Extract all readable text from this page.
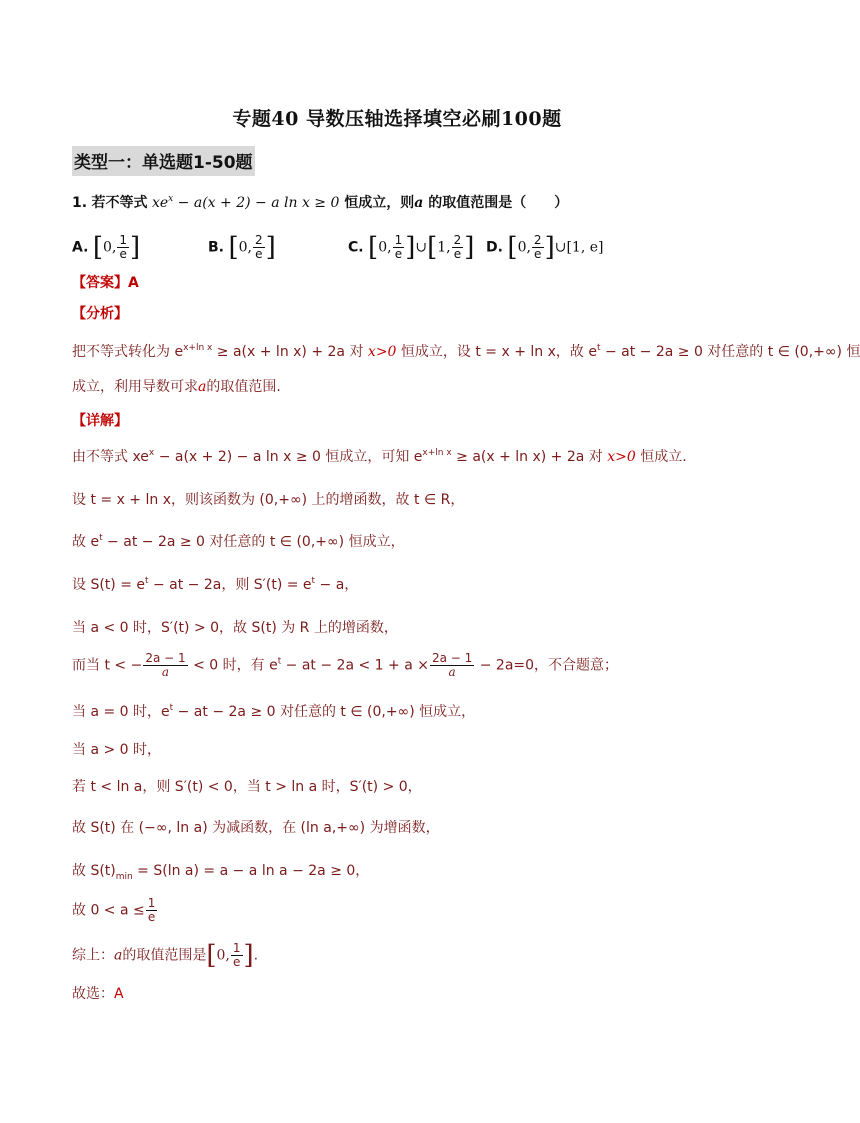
专题40 导数压轴选择填空必刷100题
类型一：单选题1-50题
1. 若不等式 $xe^x - a(x + 2) - a$ ln x ≥ 0 恒成立，则a 的取值范围是（　　）
A. [0, $\frac{1}{e}$ ]	B. [0, $\frac{2}{e}$ ]	C. [0, $\frac{1}{e}$ ]∪[1, $\frac{2}{e}$ ] D. [0, $\frac{2}{e}$ ]∪[1, e]
【答案】A
【分析】
把不等式转化为 $e^{x+ln x} \ge a(x + \ln x) + 2a$ 对 x>0 恒成立，设 t = x + ln x，故 $e^t$ − at − 2a ≥ 0 对任意的 t ∈ (0,+∞) 恒
成立，利用导数可求a的取值范围.
【详解】
由不等式 $xe^x - a(x + 2) - a$ ln x ≥ 0 恒成立，可知 $e^{x+ln x} \ge a(x + \ln x) + 2a$ 对 x>0 恒成立.
设 t = x + ln x，则该函数为 (0,+∞) 上的增函数，故 t ∈ R，
故 $e^t$ − at − 2a ≥ 0 对任意的 t ∈ (0,+∞) 恒成立，
设 $S(t) = e^t$ − at − 2a，则 $S'(t) = e^t - a$，
当 a < 0 时，S′(t) > 0，故 S(t) 为 R 上的增函数，
而当 t < − $\frac{2a - 1}{a} < 0$ 时，有 $e^t$ − at − $2a < 1 + a \times \frac{2a - 1}{a} - 2a=0$，不合题意；
当 a = 0 时，$e^t$ − at − 2a ≥ 0 对任意的 t ∈ (0,+∞) 恒成立，
当 a > 0 时，
若 t < ln a，则 S′(t) < 0，当 t > ln a 时，S′(t) > 0，
故 S(t) 在 (−∞, ln a) 为减函数，在 (ln a,+∞) 为增函数，
故 $S(t)_{min} = S(\ln$ a) = a − a ln a − 2a ≥ 0，
故 $0 < a \le \frac{1}{e}$
综上：a的取值范围是[0, $\frac{1}{e}$ ].
故选：A
